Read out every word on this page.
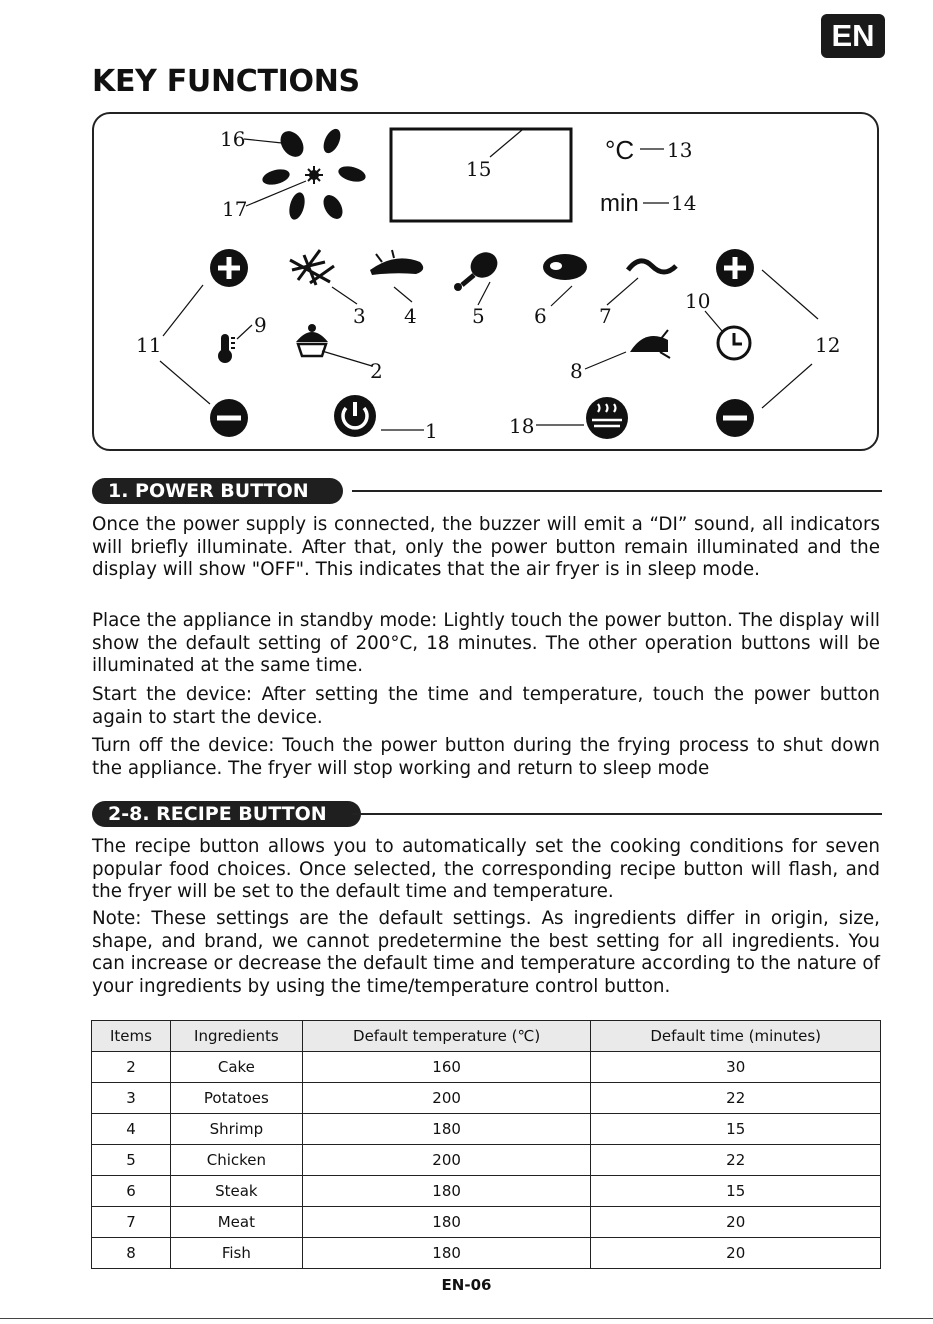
EN
KEY FUNCTIONS
16
17
15
13
14
3 4	5 6	7
10
11
9
2
12
8
1	18
°C
min
1. POWER BUTTON

Once the power supply is connected, the buzzer will emit a “DI” sound, all indicators will briefly illuminate. After that, only the power button remain illuminated and the display will show "OFF". This indicates that the air fryer is in sleep mode.

Place the appliance in standby mode: Lightly touch the power button. The display will show the default setting of 200°C, 18 minutes. The other operation buttons will be illuminated at the same time.

Start the device: After setting the time and temperature, touch the power button again to start the device.

Turn off the device: Touch the power button during the frying process to shut down the appliance. The fryer will stop working and return to sleep mode

2-8. RECIPE BUTTON

The recipe button allows you to automatically set the cooking conditions for seven popular food choices. Once selected, the corresponding recipe button will flash, and the fryer will be set to the default time and temperature.

Note: These settings are the default settings. As ingredients differ in origin, size, shape, and brand, we cannot predetermine the best setting for all ingredients. You can increase or decrease the default time and temperature according to the nature of your ingredients by using the time/temperature control button.

Items	Ingredients	Default temperature (℃)	Default time (minutes)
2	Cake	160	30
3	Potatoes	200	22
4	Shrimp	180	15
5	Chicken	200	22
6	Steak	180	15
7	Meat	180	20
8	Fish	180	20
EN-06
